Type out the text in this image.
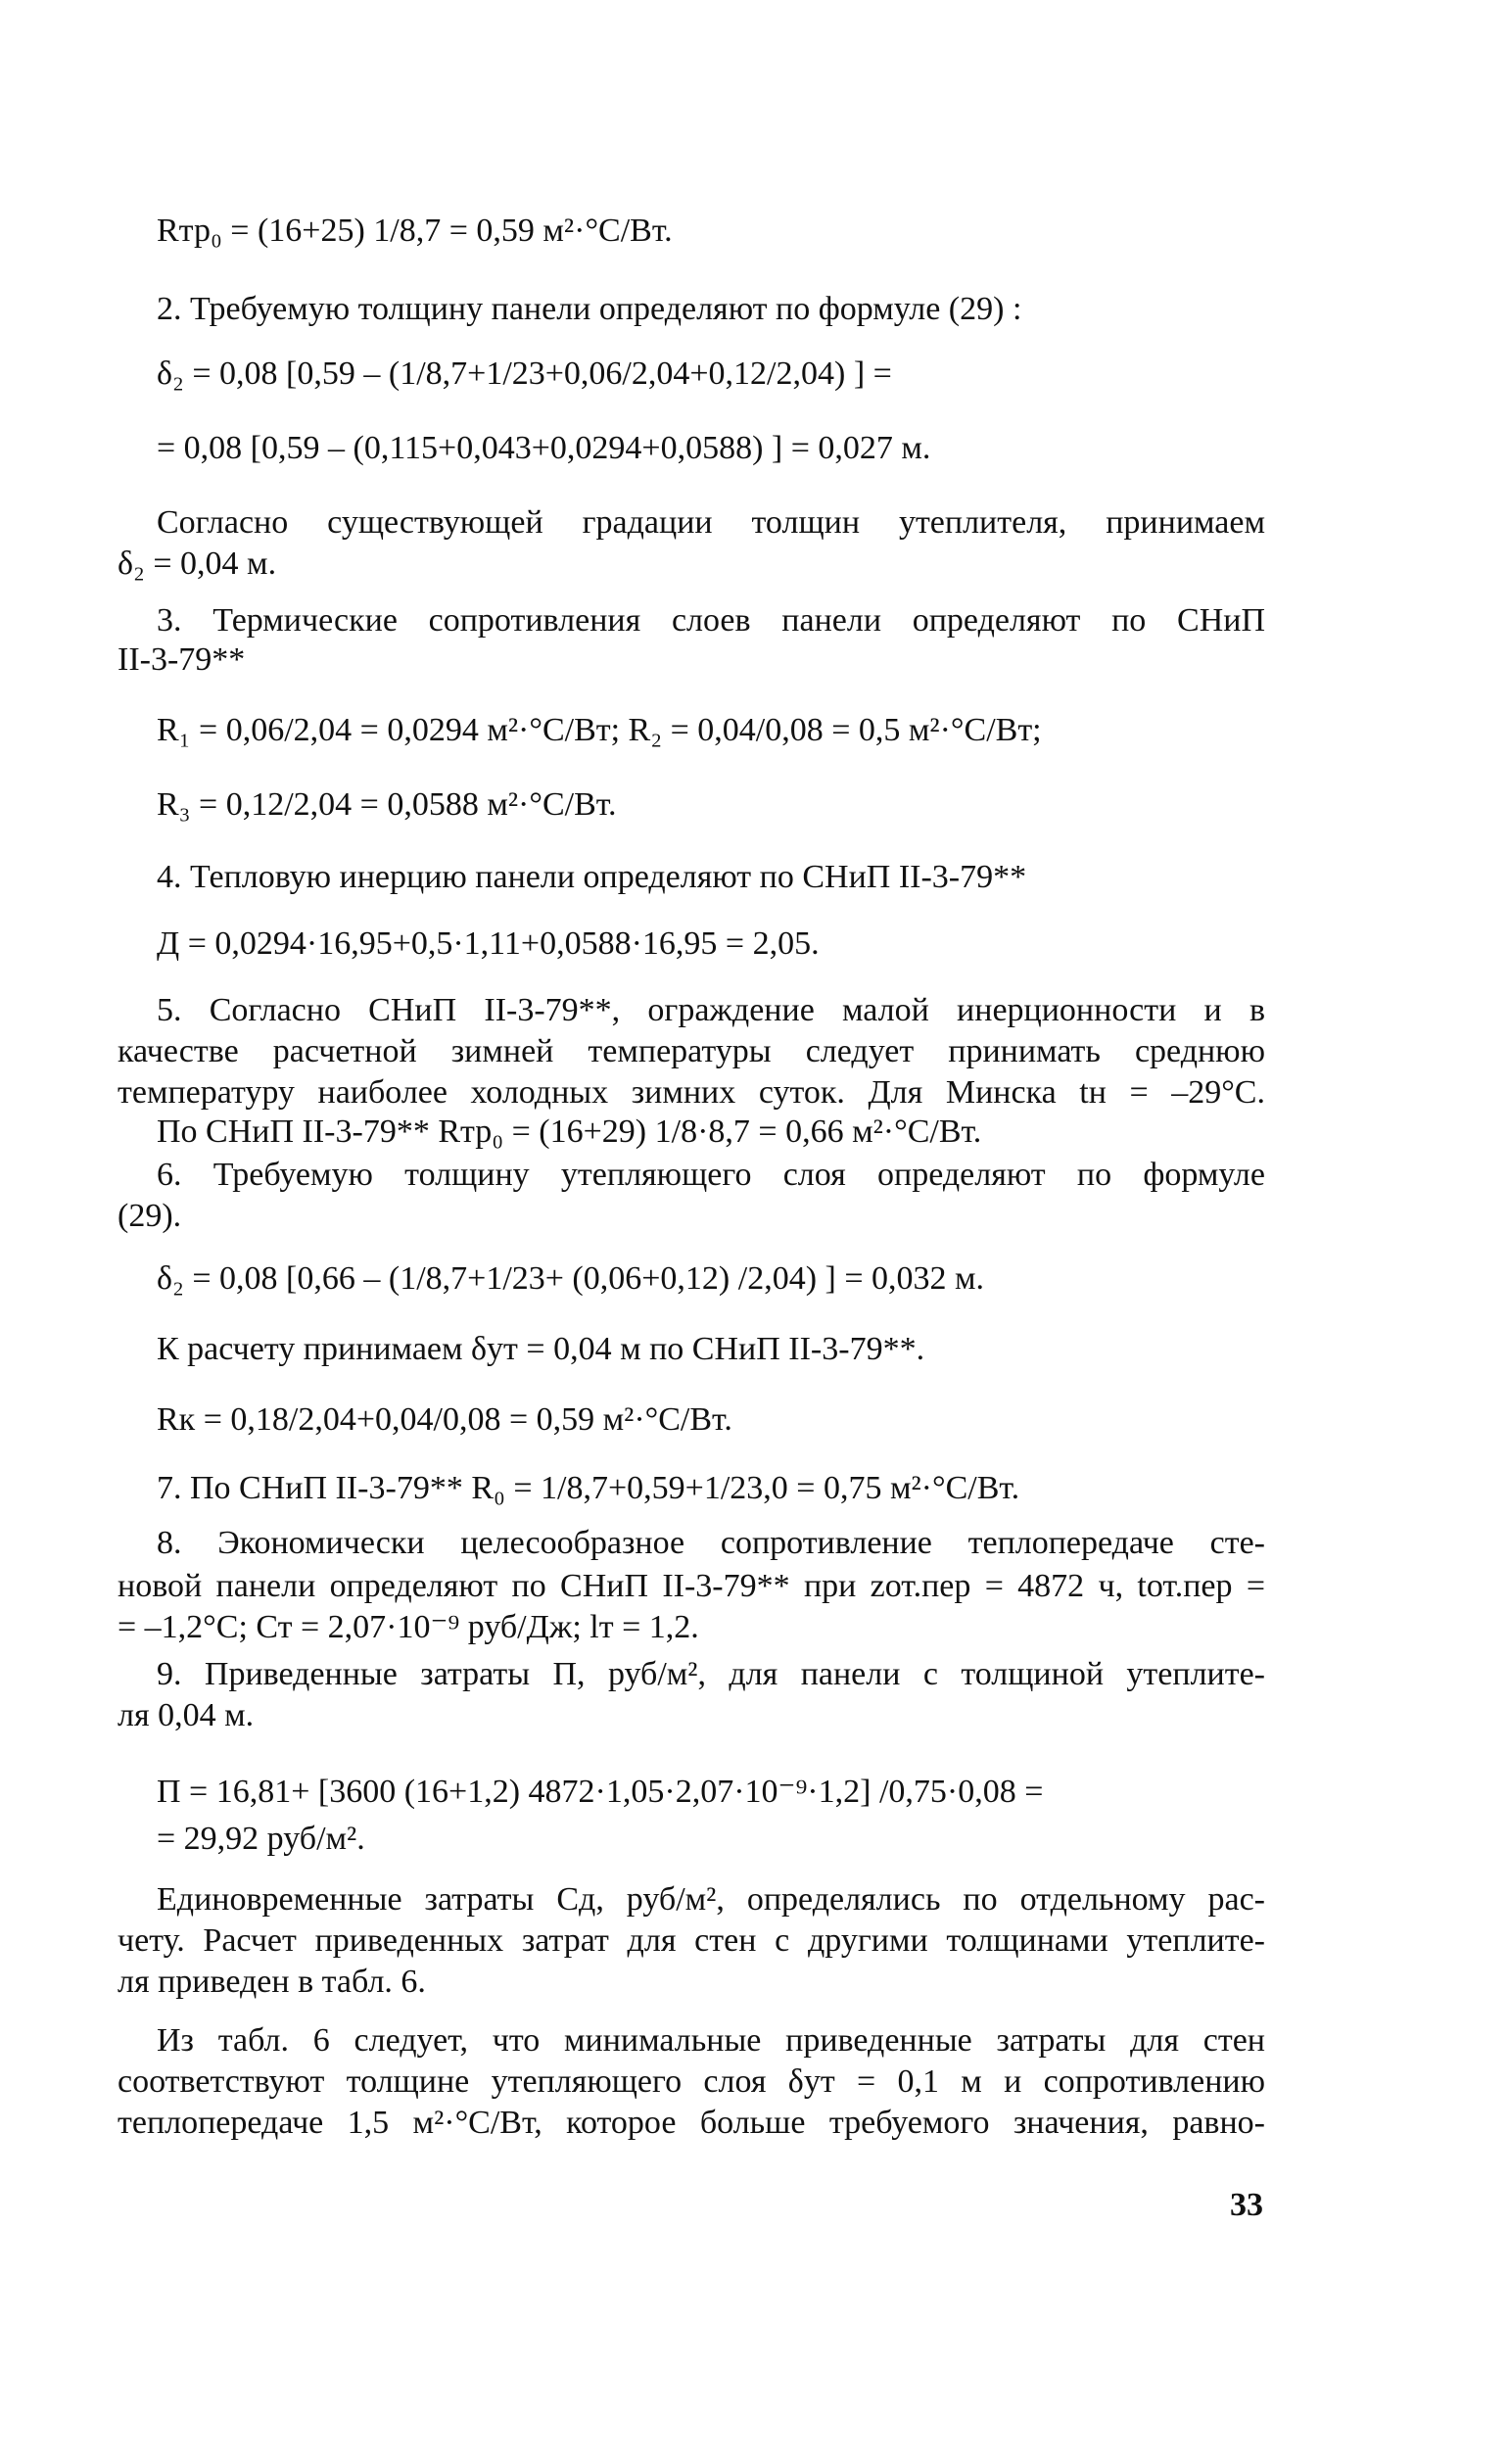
Rтр₀ = (16+25) 1/8,7 = 0,59 м²·°С/Вт.
2. Требуемую толщину панели определяют по формуле (29) :
δ₂ = 0,08 [0,59 – (1/8,7+1/23+0,06/2,04+0,12/2,04) ] =
= 0,08 [0,59 – (0,115+0,043+0,0294+0,0588) ] = 0,027 м.
Согласно существующей градации толщин утеплителя, принимаем
δ₂ = 0,04 м.
3. Термические сопротивления слоев панели определяют по СНиП
II-3-79**
R₁ = 0,06/2,04 = 0,0294 м²·°С/Вт; R₂ = 0,04/0,08 = 0,5 м²·°С/Вт;
R₃ = 0,12/2,04 = 0,0588 м²·°С/Вт.
4. Тепловую инерцию панели определяют по СНиП II-3-79**
Д = 0,0294·16,95+0,5·1,11+0,0588·16,95 = 2,05.
5. Согласно СНиП II-3-79**, ограждение малой инерционности и в
качестве расчетной зимней температуры следует принимать среднюю
температуру наиболее холодных зимних суток. Для Минска tн = –29°С.
По СНиП II-3-79** Rтр₀ = (16+29) 1/8·8,7 = 0,66 м²·°С/Вт.
6. Требуемую толщину утепляющего слоя определяют по формуле
(29).
δ₂ = 0,08 [0,66 – (1/8,7+1/23+ (0,06+0,12) /2,04) ] = 0,032 м.
К расчету принимаем δут = 0,04 м по СНиП II-3-79**.
Rк = 0,18/2,04+0,04/0,08 = 0,59 м²·°С/Вт.
7. По СНиП II-3-79** R₀ = 1/8,7+0,59+1/23,0 = 0,75 м²·°С/Вт.
8. Экономически целесообразное сопротивление теплопередаче сте-
новой панели определяют по СНиП II-3-79** при zот.пер = 4872 ч, tот.пер =
= –1,2°С; Ст = 2,07·10⁻⁹ руб/Дж; lт = 1,2.
9. Приведенные затраты П, руб/м², для панели с толщиной утеплите-
ля 0,04 м.
П = 16,81+ [3600 (16+1,2) 4872·1,05·2,07·10⁻⁹·1,2] /0,75·0,08 =
= 29,92 руб/м².
Единовременные затраты Сд, руб/м², определялись по отдельному рас-
чету. Расчет приведенных затрат для стен с другими толщинами утеплите-
ля приведен в табл. 6.
Из табл. 6 следует, что минимальные приведенные затраты для стен
соответствуют толщине утепляющего слоя δут = 0,1 м и сопротивлению
теплопередаче 1,5 м²·°С/Вт, которое больше требуемого значения, равно-
33
